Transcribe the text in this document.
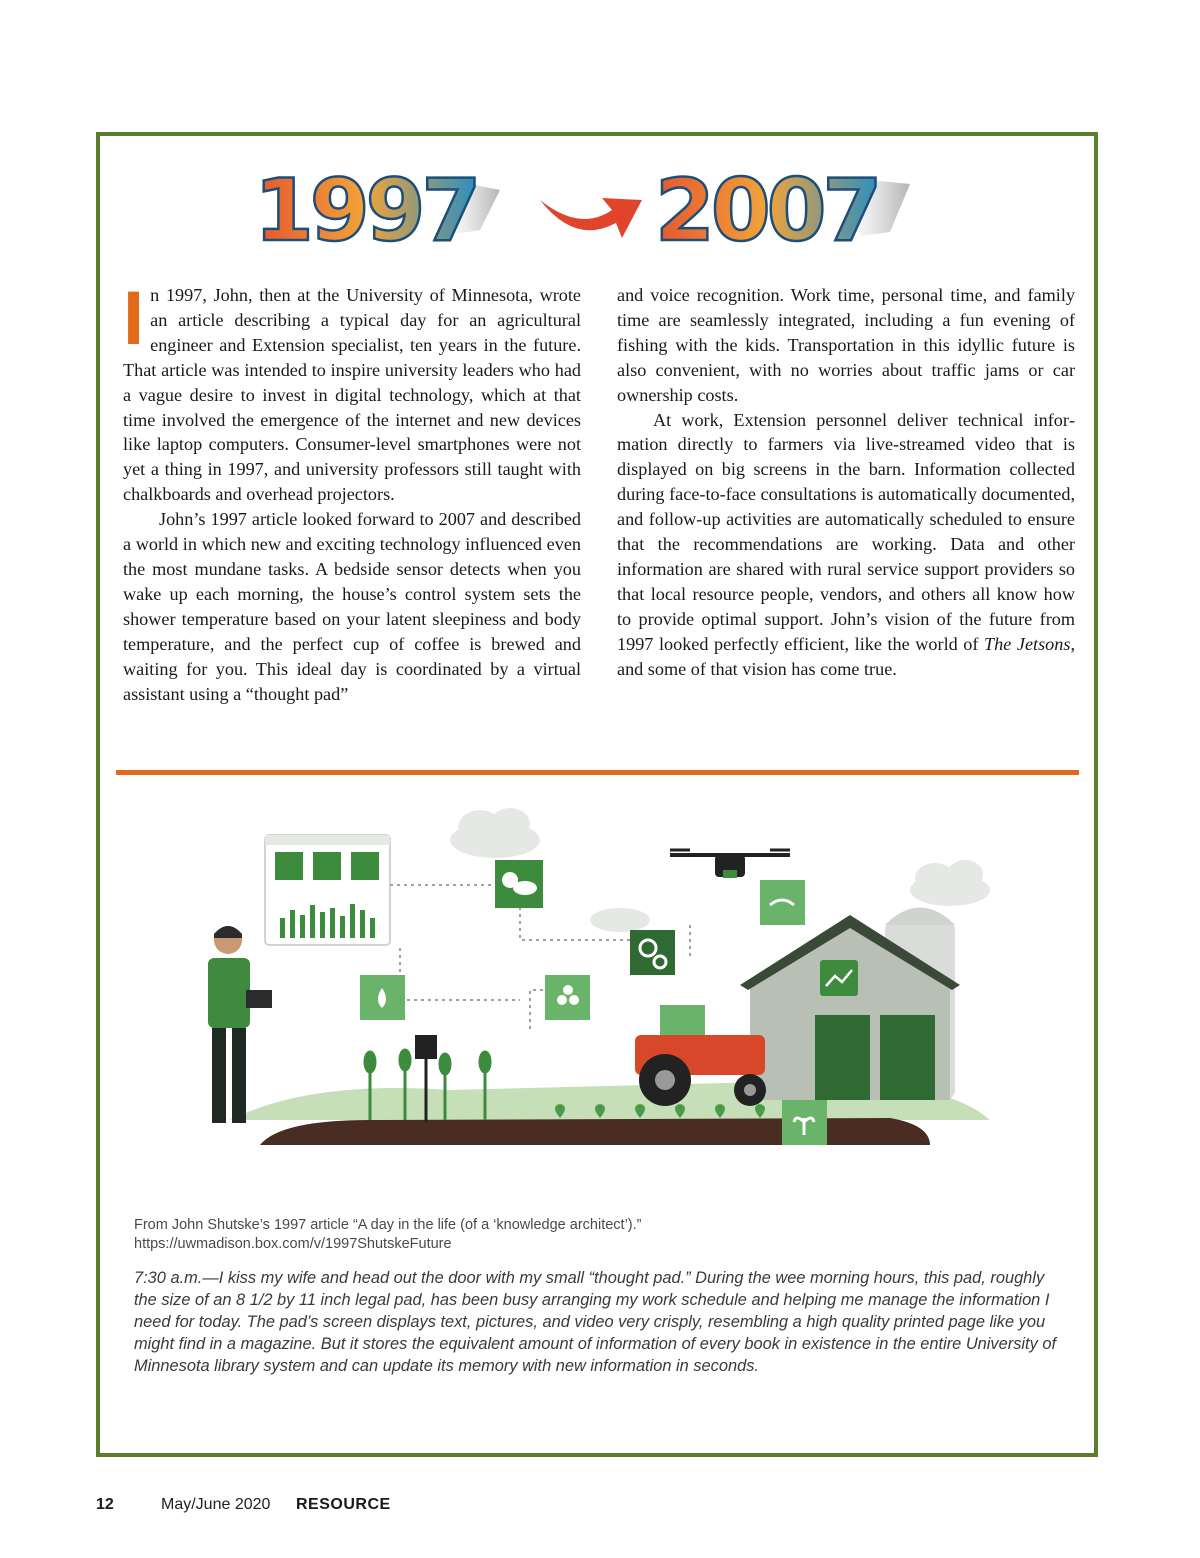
1997 2007

In 1997, John, then at the University of Minnesota, wrote an article describing a typical day for an agricultural engineer and Extension specialist, ten years in the future. That article was intended to inspire university leaders who had a vague desire to invest in digital technology, which at that time involved the emergence of the internet and new devices like laptop computers. Consumer-level smartphones were not yet a thing in 1997, and university professors still taught with chalkboards and overhead projectors.

John’s 1997 article looked forward to 2007 and described a world in which new and exciting technology influenced even the most mundane tasks. A bedside sensor detects when you wake up each morning, the house’s control system sets the shower temperature based on your latent sleepiness and body temperature, and the perfect cup of coffee is brewed and waiting for you. This ideal day is coordinated by a virtual assistant using a “thought pad”

and voice recognition. Work time, personal time, and family time are seamlessly integrated, including a fun evening of fishing with the kids. Transportation in this idyllic future is also convenient, with no worries about traffic jams or car ownership costs.

At work, Extension personnel deliver technical information directly to farmers via live-streamed video that is displayed on big screens in the barn. Information collected during face-to-face consultations is automatically documented, and follow-up activities are automatically scheduled to ensure that the recommendations are working. Data and other information are shared with rural service support providers so that local resource people, vendors, and others all know how to provide optimal support. John’s vision of the future from 1997 looked perfectly efficient, like the world of The Jetsons, and some of that vision has come true.

From John Shutske’s 1997 article “A day in the life (of a ‘knowledge architect’).”
https://uwmadison.box.com/v/1997ShutskeFuture
7:30 a.m.—I kiss my wife and head out the door with my small “thought pad.” During the wee morning hours, this pad, roughly the size of an 8 1/2 by 11 inch legal pad, has been busy arranging my work schedule and helping me manage the information I need for today. The pad’s screen displays text, pictures, and video very crisply, resembling a high quality printed page like you might find in a magazine. But it stores the equivalent amount of information of every book in existence in the entire University of Minnesota library system and can update its memory with new information in seconds.
12	May/June 2020 RESOURCE
